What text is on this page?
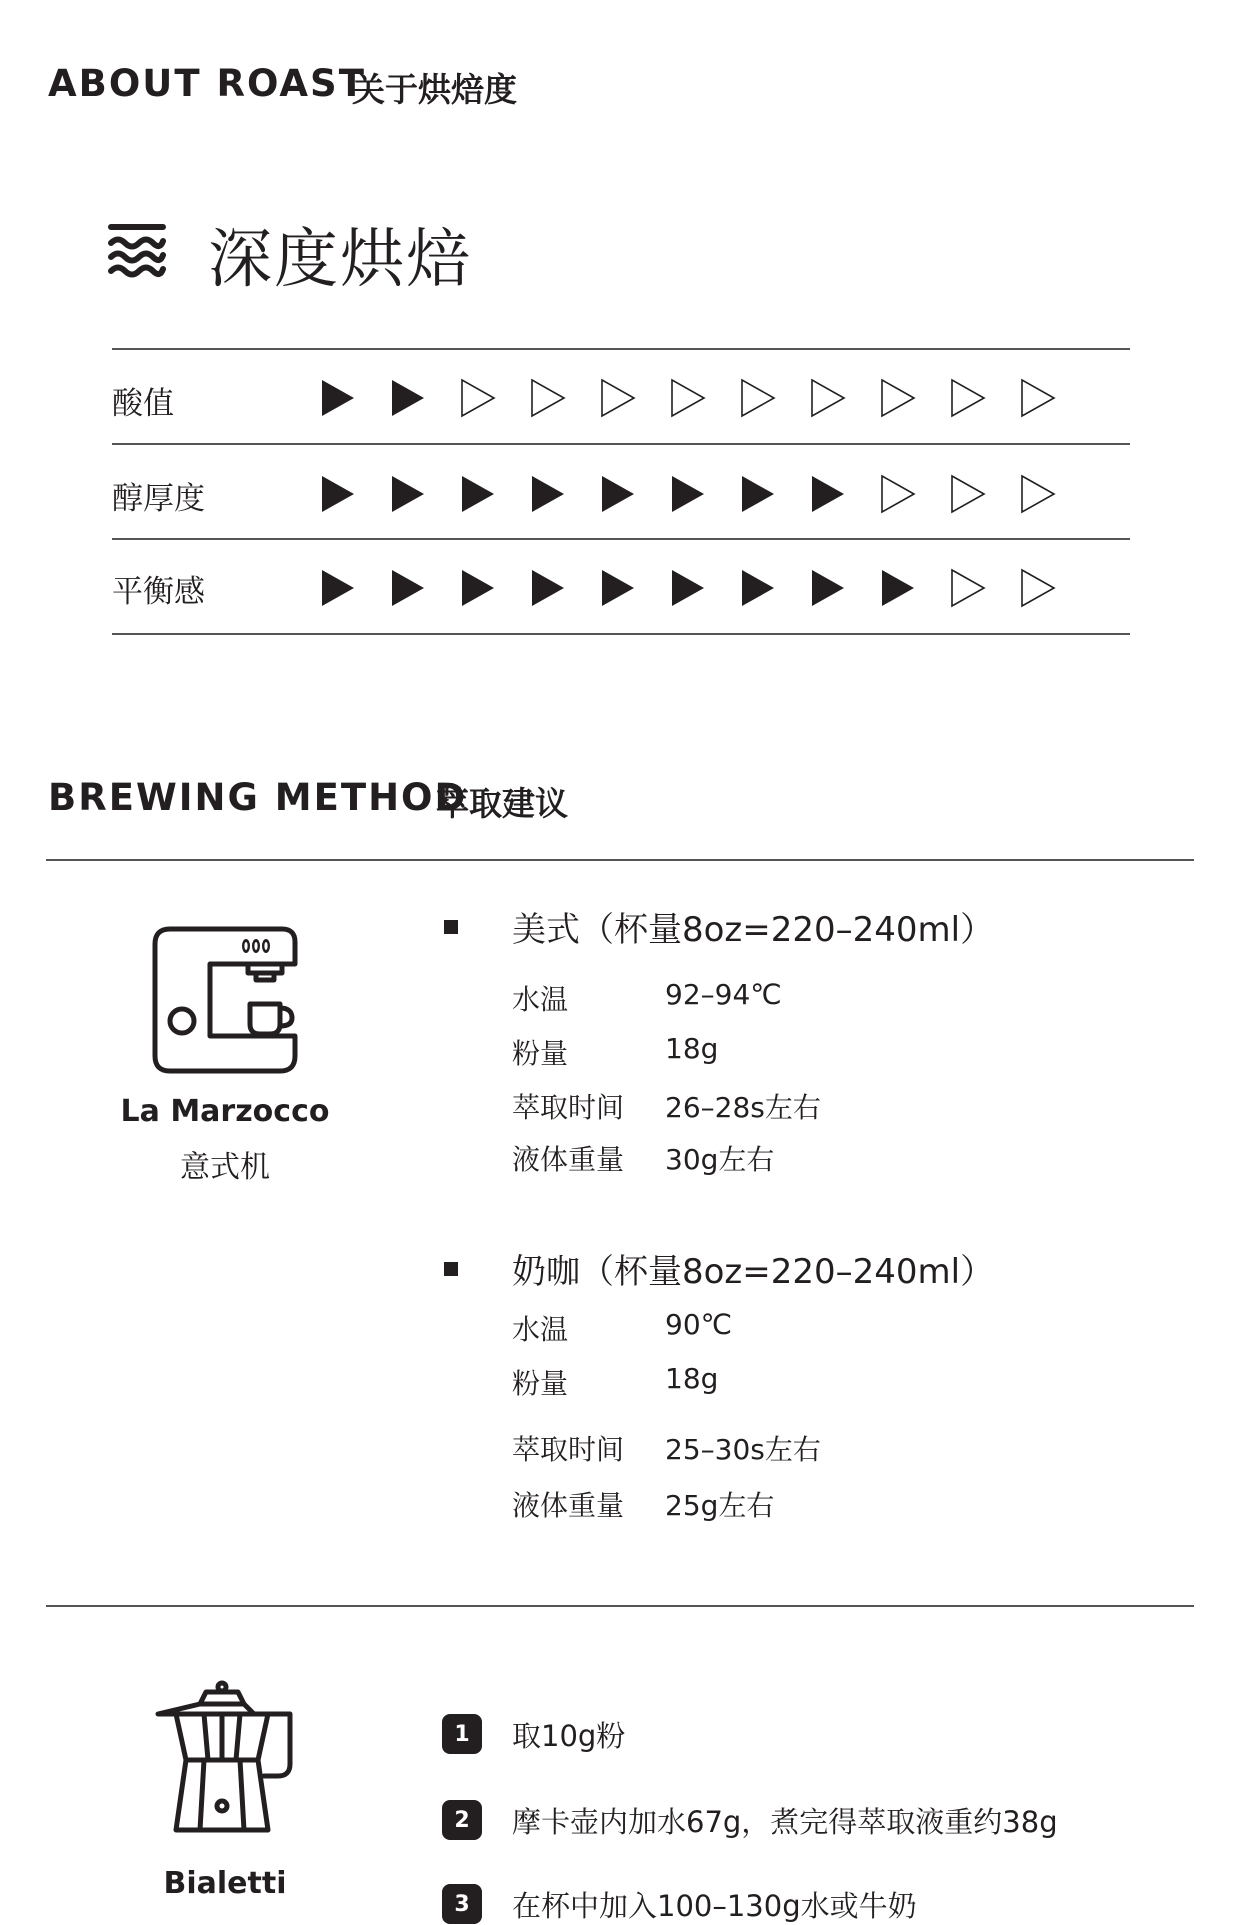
ABOUT ROAST
关于烘焙度
深度烘焙
酸值
醇厚度
平衡感
BREWING METHOD
萃取建议
La Marzocco
意式机
美式（杯量8oz=220–240ml）
水温	92–94℃
粉量	18g
萃取时间 26–28s左右
液体重量 30g左右
奶咖（杯量8oz=220–240ml）
水温	90℃
粉量	18g
萃取时间 25–30s左右
液体重量 25g左右
Bialetti
1	取10g粉
2	摩卡壶内加水67g，煮完得萃取液重约38g
3	在杯中加入100–130g水或牛奶
